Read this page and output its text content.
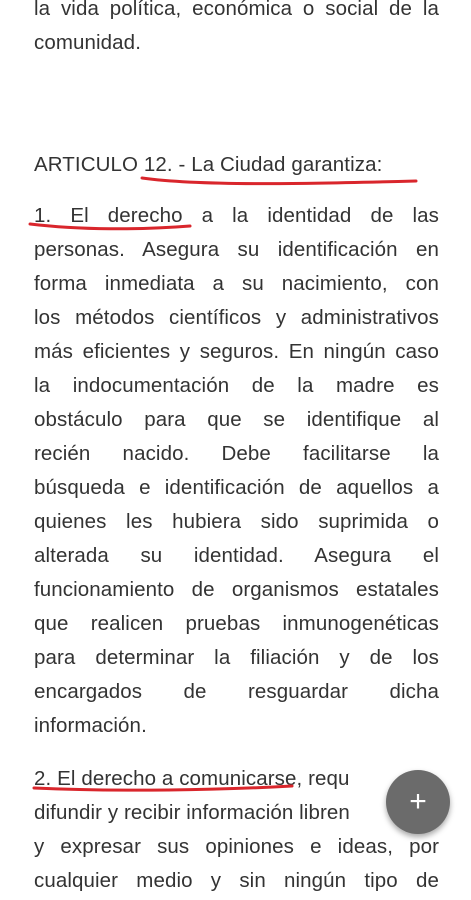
la vida política, económica o social de la
comunidad.
ARTICULO 12. - La Ciudad garantiza:
1. El derecho a la identidad de las
personas. Asegura su identificación en
forma inmediata a su nacimiento, con
los métodos científicos y administrativos
más eficientes y seguros. En ningún caso
la indocumentación de la madre es
obstáculo para que se identifique al
recién nacido. Debe facilitarse la
búsqueda e identificación de aquellos a
quienes les hubiera sido suprimida o
alterada su identidad. Asegura el
funcionamiento de organismos estatales
que realicen pruebas inmunogenéticas
para determinar la filiación y de los
encargados de resguardar dicha
información.
2. El derecho a comunicarse, requ
difundir y recibir información libren
y expresar sus opiniones e ideas, por
cualquier medio y sin ningún tipo de
+
